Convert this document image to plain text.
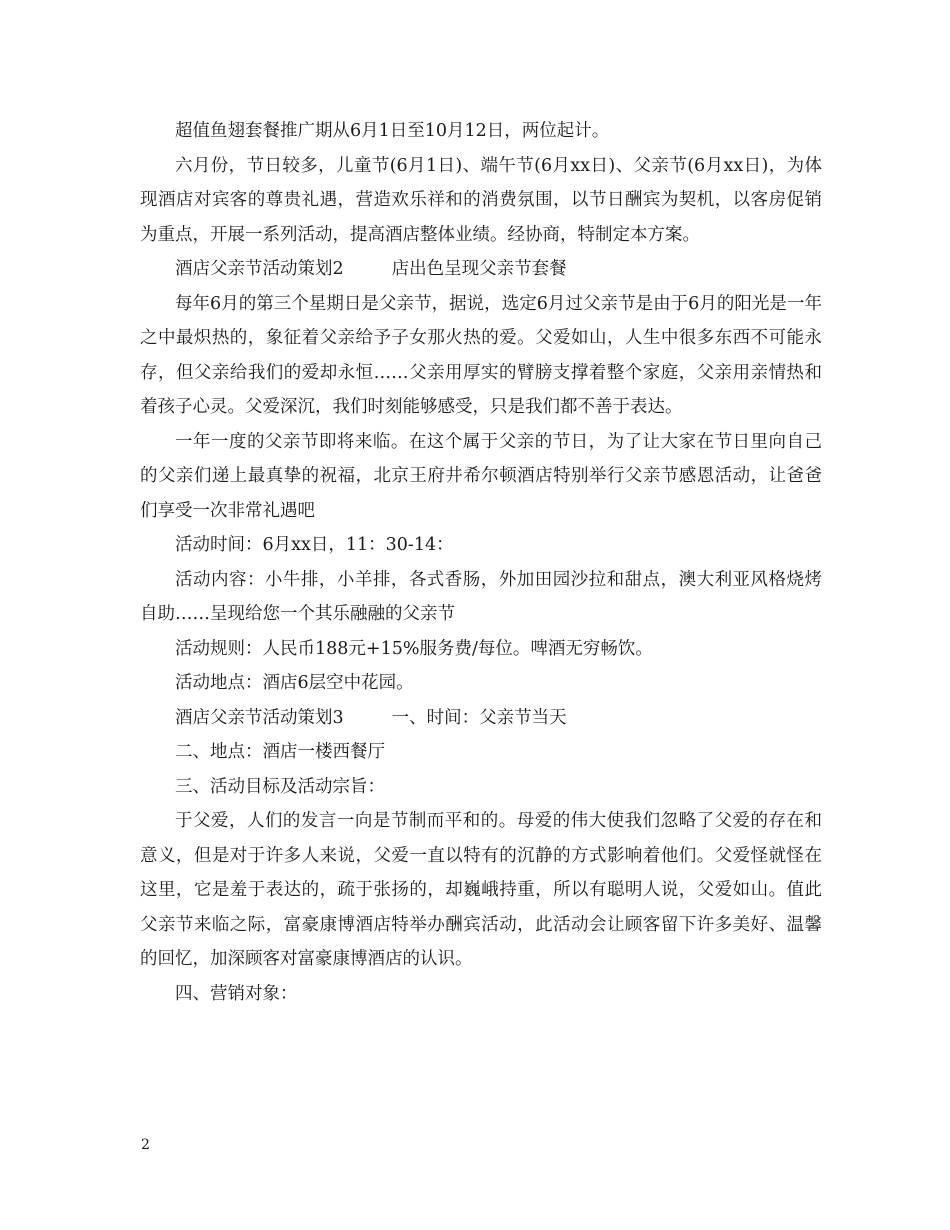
超值鱼翅套餐推广期从6月1日至10月12日，两位起计。

六月份，节日较多，儿童节(6月1日)、端午节(6月xx日)、父亲节(6月xx日)，为体现酒店对宾客的尊贵礼遇，营造欢乐祥和的消费氛围，以节日酬宾为契机，以客房促销为重点，开展一系列活动，提高酒店整体业绩。经协商，特制定本方案。

酒店父亲节活动策划2	店出色呈现父亲节套餐

每年6月的第三个星期日是父亲节，据说，选定6月过父亲节是由于6月的阳光是一年之中最炽热的，象征着父亲给予子女那火热的爱。父爱如山，人生中很多东西不可能永存，但父亲给我们的爱却永恒……父亲用厚实的臂膀支撑着整个家庭，父亲用亲情热和着孩子心灵。父爱深沉，我们时刻能够感受，只是我们都不善于表达。

一年一度的父亲节即将来临。在这个属于父亲的节日，为了让大家在节日里向自己的父亲们递上最真挚的祝福，北京王府井希尔顿酒店特别举行父亲节感恩活动，让爸爸们享受一次非常礼遇吧

活动时间：6月xx日，11：30-14：

活动内容：小牛排，小羊排，各式香肠，外加田园沙拉和甜点，澳大利亚风格烧烤自助……呈现给您一个其乐融融的父亲节

活动规则：人民币188元+15%服务费/每位。啤酒无穷畅饮。

活动地点：酒店6层空中花园。

酒店父亲节活动策划3	一、时间：父亲节当天

二、地点：酒店一楼西餐厅

三、活动目标及活动宗旨：

于父爱，人们的发言一向是节制而平和的。母爱的伟大使我们忽略了父爱的存在和意义，但是对于许多人来说，父爱一直以特有的沉静的方式影响着他们。父爱怪就怪在这里，它是羞于表达的，疏于张扬的，却巍峨持重，所以有聪明人说，父爱如山。值此父亲节来临之际，富豪康博酒店特举办酬宾活动，此活动会让顾客留下许多美好、温馨的回忆，加深顾客对富豪康博酒店的认识。

四、营销对象：

2
